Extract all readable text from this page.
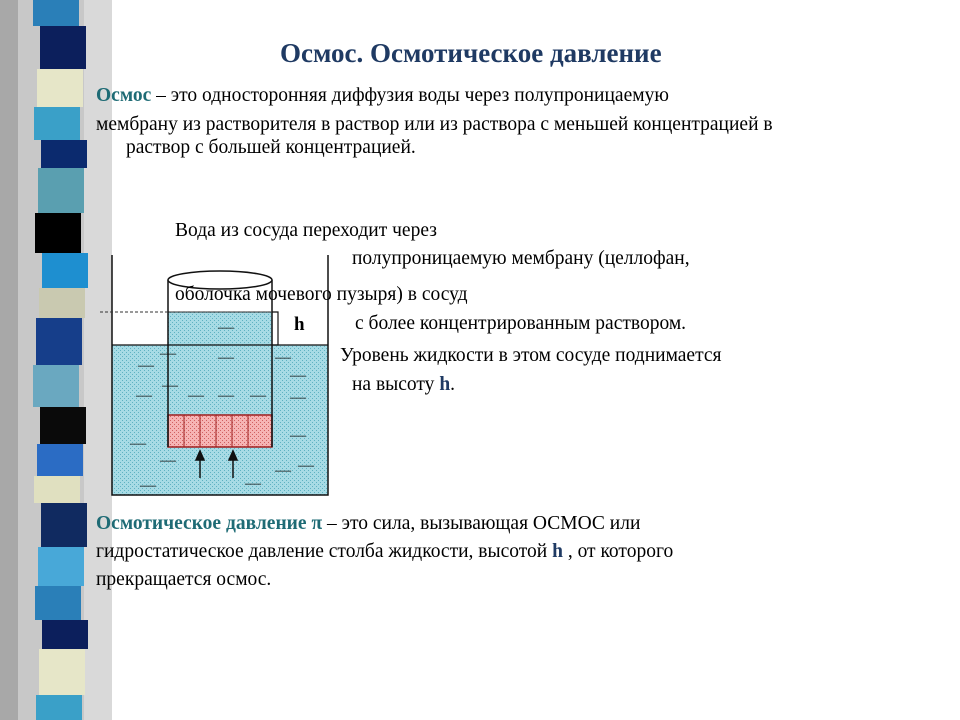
Осмос. Осмотическое давление
Осмос – это односторонняя диффузия воды через полупроницаемую
мембрану из растворителя в раствор или из раствора с меньшей концентрацией в
раствор с большей концентрацией.
h
—
—
—
—
—
—
—
—
—
— — —
—
—
—
—
—
—
—
Вода из сосуда переходит через
полупроницаемую мембрану (целлофан,
оболочка мочевого пузыря) в сосуд
с более концентрированным раствором.
Уровень жидкости в этом сосуде поднимается
на высоту h.
Осмотическое давление π – это сила, вызывающая ОСМОС или
гидростатическое давление столба жидкости, высотой h , от которого
прекращается осмос.
